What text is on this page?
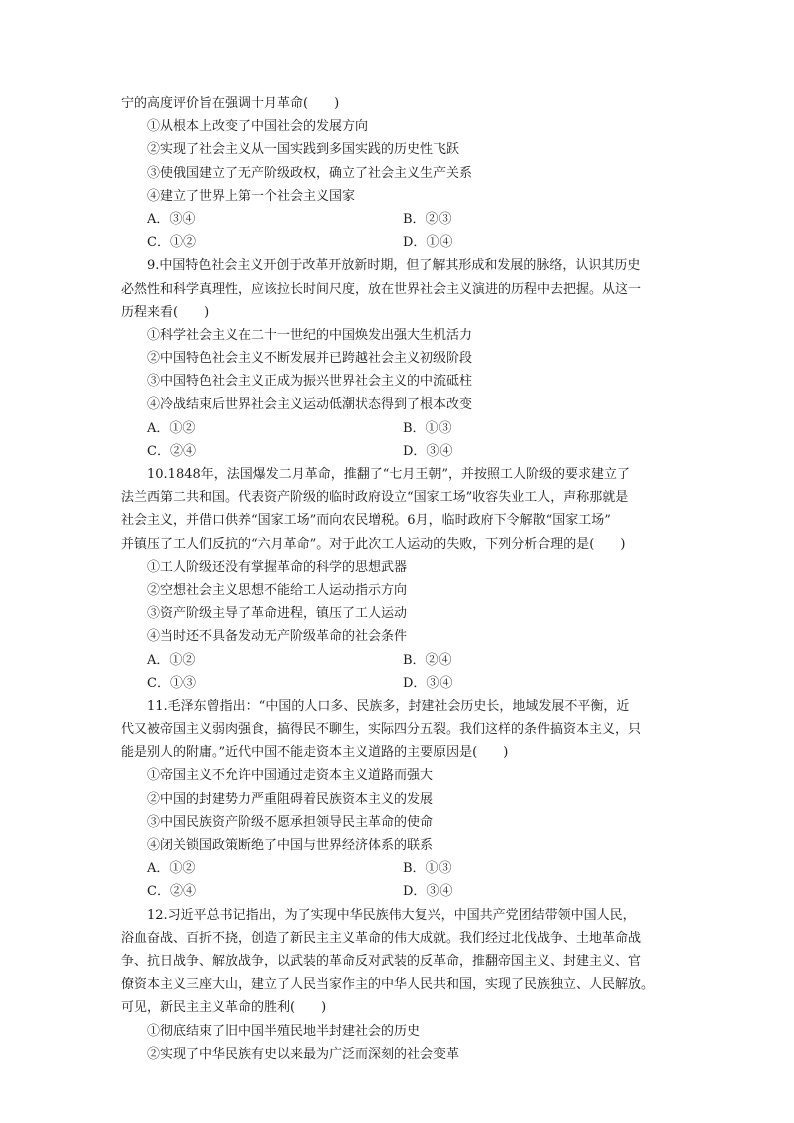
宁的高度评价旨在强调十月革命(　　)
①从根本上改变了中国社会的发展方向
②实现了社会主义从一国实践到多国实践的历史性飞跃
③使俄国建立了无产阶级政权，确立了社会主义生产关系
④建立了世界上第一个社会主义国家
A．③④	B．②③
C．①②	D．①④
9.中国特色社会主义开创于改革开放新时期，但了解其形成和发展的脉络，认识其历史
必然性和科学真理性，应该拉长时间尺度，放在世界社会主义演进的历程中去把握。从这一
历程来看(　　)
①科学社会主义在二十一世纪的中国焕发出强大生机活力
②中国特色社会主义不断发展并已跨越社会主义初级阶段
③中国特色社会主义正成为振兴世界社会主义的中流砥柱
④冷战结束后世界社会主义运动低潮状态得到了根本改变
A．①②	B．①③
C．②④	D．③④
10.1848年，法国爆发二月革命，推翻了“七月王朝”，并按照工人阶级的要求建立了
法兰西第二共和国。代表资产阶级的临时政府设立“国家工场”收容失业工人，声称那就是
社会主义，并借口供养“国家工场”而向农民增税。6月，临时政府下令解散“国家工场”
并镇压了工人们反抗的“六月革命”。对于此次工人运动的失败，下列分析合理的是(　　)
①工人阶级还没有掌握革命的科学的思想武器
②空想社会主义思想不能给工人运动指示方向
③资产阶级主导了革命进程，镇压了工人运动
④当时还不具备发动无产阶级革命的社会条件
A．①②	B．②④
C．①③	D．③④
11.毛泽东曾指出：“中国的人口多、民族多，封建社会历史长，地域发展不平衡，近
代又被帝国主义弱肉强食，搞得民不聊生，实际四分五裂。我们这样的条件搞资本主义，只
能是别人的附庸。”近代中国不能走资本主义道路的主要原因是(　　)
①帝国主义不允许中国通过走资本主义道路而强大
②中国的封建势力严重阻碍着民族资本主义的发展
③中国民族资产阶级不愿承担领导民主革命的使命
④闭关锁国政策断绝了中国与世界经济体系的联系
A．①②	B．①③
C．②④	D．③④
12.习近平总书记指出，为了实现中华民族伟大复兴，中国共产党团结带领中国人民，
浴血奋战、百折不挠，创造了新民主主义革命的伟大成就。我们经过北伐战争、土地革命战
争、抗日战争、解放战争，以武装的革命反对武装的反革命，推翻帝国主义、封建主义、官
僚资本主义三座大山，建立了人民当家作主的中华人民共和国，实现了民族独立、人民解放。
可见，新民主主义革命的胜利(　　)
①彻底结束了旧中国半殖民地半封建社会的历史
②实现了中华民族有史以来最为广泛而深刻的社会变革
